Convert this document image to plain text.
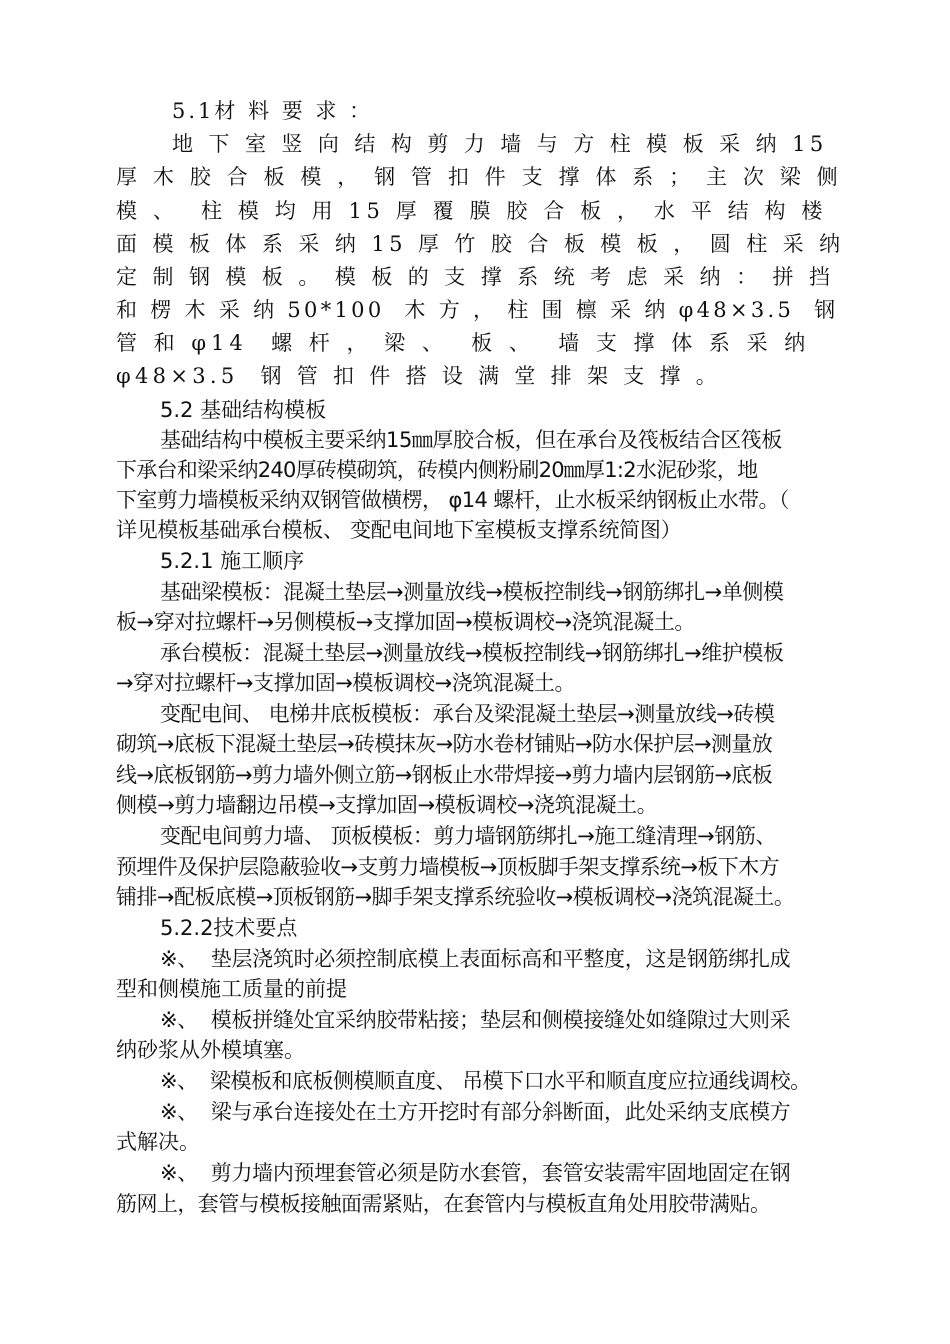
5.1材 料 要 求 ：
地 下 室 竖 向 结 构 剪 力 墙 与 方 柱 模 板 采 纳 15
厚 木 胶 合 板 模 ， 钢 管 扣 件 支 撑 体 系 ； 主 次 梁 侧
模 、  柱 模 均 用 15 厚 覆 膜 胶 合 板 ， 水 平 结 构 楼
面 模 板 体 系 采 纳 15 厚 竹 胶 合 板 模 板 ， 圆 柱 采 纳
定 制 钢 模 板 。 模 板 的 支 撑 系 统 考 虑 采 纳 ： 拼 挡
和 楞 木 采 纳 50*100  木 方 ， 柱 围 檩 采 纳 φ48×3.5  钢
管 和 φ14  螺 杆 ， 梁 、  板 、  墙 支 撑 体 系 采 纳
φ48×3.5  钢 管 扣 件 搭 设 满 堂 排 架 支 撑 。
5.2 基础结构模板
基础结构中模板主要采纳15㎜厚胶合板，但在承台及筏板结合区筏板
下承台和梁采纳240厚砖模砌筑，砖模内侧粉刷20㎜厚1:2水泥砂浆，地
下室剪力墙模板采纳双钢管做横楞， φ14 螺杆，止水板采纳钢板止水带。（
详见模板基础承台模板、 变配电间地下室模板支撑系统简图）
5.2.1 施工顺序
基础梁模板：混凝土垫层→测量放线→模板控制线→钢筋绑扎→单侧模
板→穿对拉螺杆→另侧模板→支撑加固→模板调校→浇筑混凝土。
承台模板：混凝土垫层→测量放线→模板控制线→钢筋绑扎→维护模板
→穿对拉螺杆→支撑加固→模板调校→浇筑混凝土。
变配电间、 电梯井底板模板：承台及梁混凝土垫层→测量放线→砖模
砌筑→底板下混凝土垫层→砖模抹灰→防水卷材铺贴→防水保护层→测量放
线→底板钢筋→剪力墙外侧立筋→钢板止水带焊接→剪力墙内层钢筋→底板
侧模→剪力墙翻边吊模→支撑加固→模板调校→浇筑混凝土。
变配电间剪力墙、 顶板模板：剪力墙钢筋绑扎→施工缝清理→钢筋、
预埋件及保护层隐蔽验收→支剪力墙模板→顶板脚手架支撑系统→板下木方
铺排→配板底模→顶板钢筋→脚手架支撑系统验收→模板调校→浇筑混凝土。
5.2.2技术要点
※、  垫层浇筑时必须控制底模上表面标高和平整度，这是钢筋绑扎成
型和侧模施工质量的前提
※、  模板拼缝处宜采纳胶带粘接；垫层和侧模接缝处如缝隙过大则采
纳砂浆从外模填塞。
※、  梁模板和底板侧模顺直度、 吊模下口水平和顺直度应拉通线调校。
※、  梁与承台连接处在土方开挖时有部分斜断面，此处采纳支底模方
式解决。
※、  剪力墙内预埋套管必须是防水套管，套管安装需牢固地固定在钢
筋网上，套管与模板接触面需紧贴，在套管内与模板直角处用胶带满贴。
